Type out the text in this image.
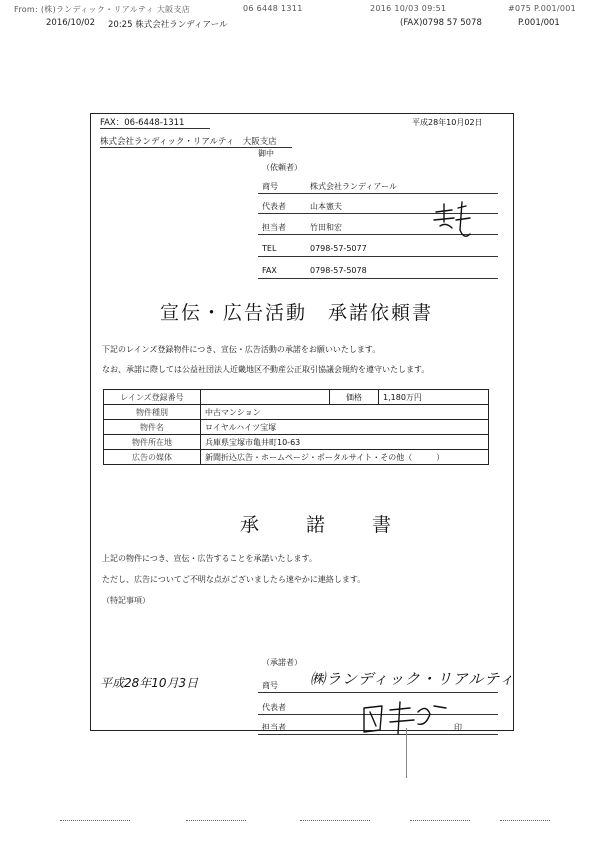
From: (株)ランディック・リアルティ 大阪支店	06 6448 1311	2016 10/03 09:51	#075 P.001/001
2016/10/02 20:25 株式会社ランディアール	(FAX)0798 57 5078	P.001/001
FAX：06-6448-1311	平成28年10月02日
株式会社ランディック・リアルティ　大阪支店
御中
（依頼者）
商号	株式会社ランディアール
代表者	山本憲夫
担当者	竹田和宏
TEL	0798-57-5077
FAX	0798-57-5078
宣伝・広告活動　承諾依頼書
下記のレインズ登録物件につき、宣伝・広告活動の承諾をお願いいたします。
なお、承諾に際しては公益社団法人近畿地区不動産公正取引協議会規約を遵守いたします。
レインズ登録番号		価格	1,180万円
物件種別	中古マンション		
物件名	ロイヤルハイツ宝塚		
物件所在地	兵庫県宝塚市亀井町10-63		
広告の媒体	新聞折込広告・ホームページ・ポータルサイト・その他（　　　）		
承　諾　書
上記の物件につき、宣伝・広告することを承諾いたします。
ただし、広告についてご不明な点がございましたら速やかに連絡します。
（特記事項）
平成28年10月3日
（承諾者）
商号 ㈱ランディック・リアルティ
代表者
担当者	印
